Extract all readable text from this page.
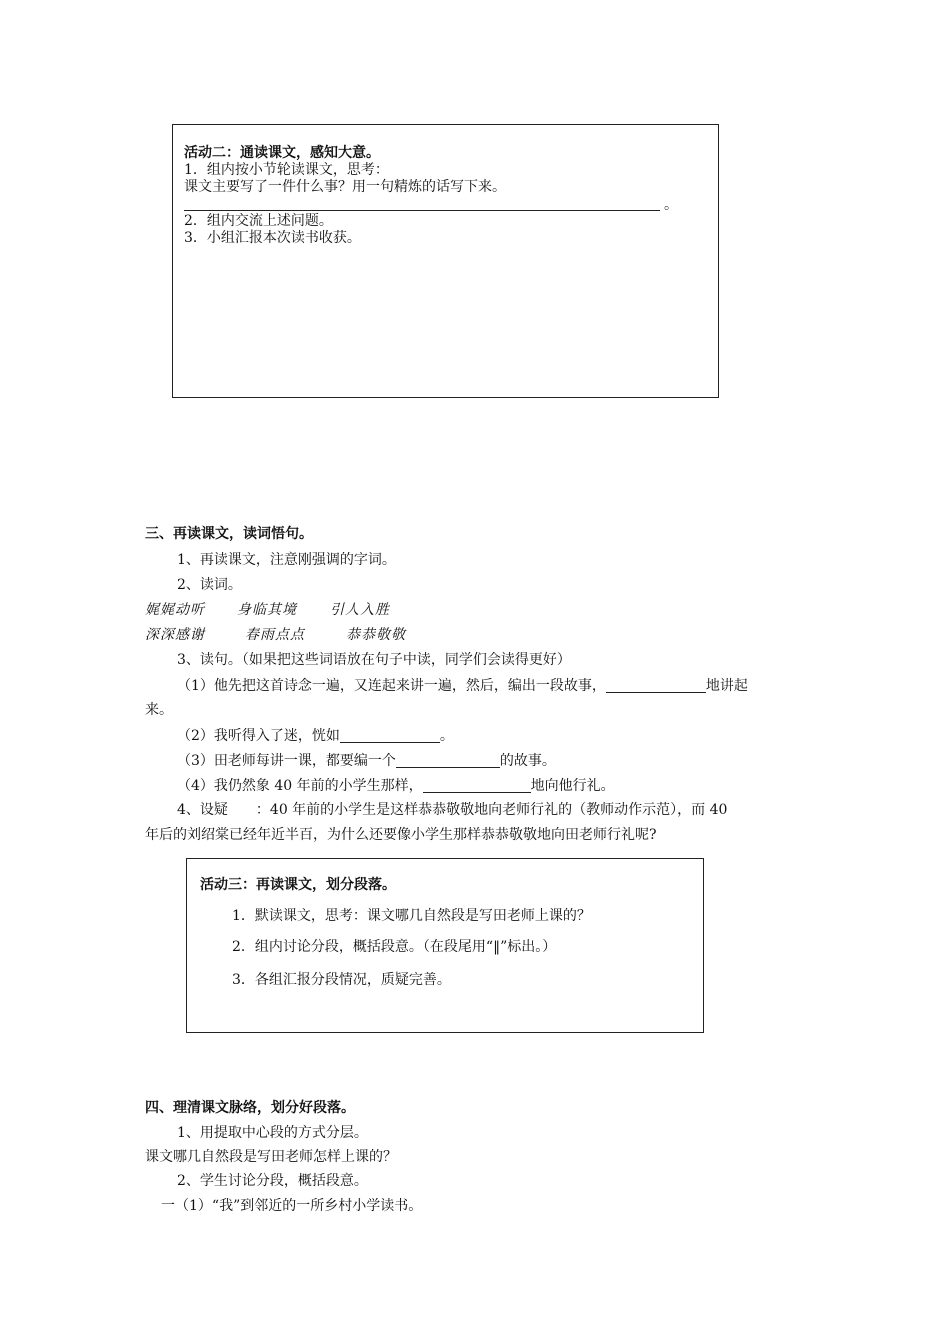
活动二：通读课文，感知大意。
1．组内按小节轮读课文，思考：
课文主要写了一件什么事？用一句精炼的话写下来。
。
2．组内交流上述问题。
3．小组汇报本次读书收获。
三、再读课文，读词悟句。
1、再读课文，注意刚强调的字词。
2、读词。
娓娓动听 身临其境 引人入胜
深深感谢	春雨点点	恭恭敬敬
3、读句。（如果把这些词语放在句子中读，同学们会读得更好）
（1）他先把这首诗念一遍，又连起来讲一遍，然后，编出一段故事，	地讲起
来。
（2）我听得入了迷，恍如	。
（3）田老师每讲一课，都要编一个	的故事。
（4）我仍然象 40 年前的小学生那样，	地向他行礼。
4、设疑　　：40 年前的小学生是这样恭恭敬敬地向老师行礼的（教师动作示范），而 40
年后的刘绍棠已经年近半百，为什么还要像小学生那样恭恭敬敬地向田老师行礼呢?
活动三：再读课文，划分段落。
1．默读课文，思考：课文哪几自然段是写田老师上课的？
2．组内讨论分段，概括段意。（在段尾用“‖”标出。）
3．各组汇报分段情况，质疑完善。
四、理清课文脉络，划分好段落。
1、用提取中心段的方式分层。
课文哪几自然段是写田老师怎样上课的？
2、学生讨论分段，概括段意。
一（1）“我”到邻近的一所乡村小学读书。
